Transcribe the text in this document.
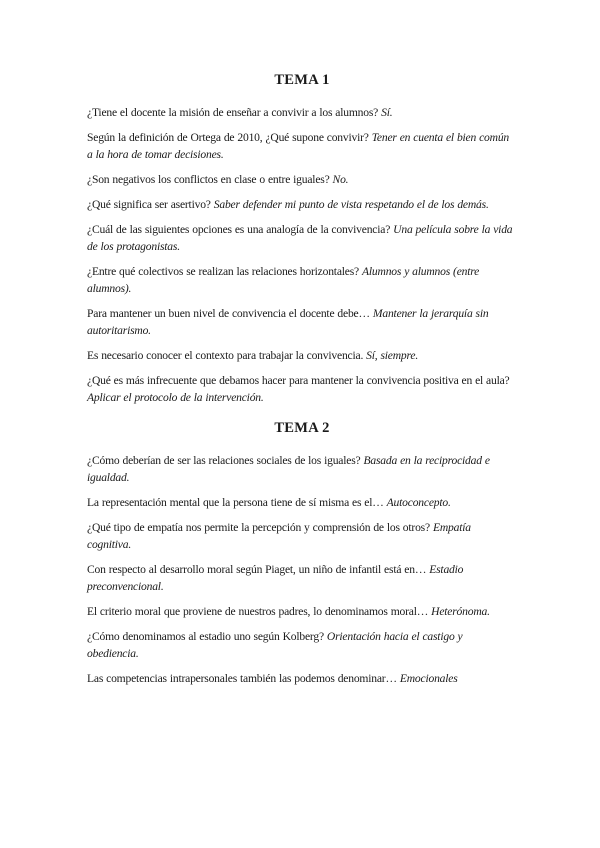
TEMA 1

¿Tiene el docente la misión de enseñar a convivir a los alumnos? Sí.

Según la definición de Ortega de 2010, ¿Qué supone convivir? Tener en cuenta el bien común a la hora de tomar decisiones.

¿Son negativos los conflictos en clase o entre iguales? No.

¿Qué significa ser asertivo? Saber defender mi punto de vista respetando el de los demás.

¿Cuál de las siguientes opciones es una analogía de la convivencia? Una película sobre la vida de los protagonistas.

¿Entre qué colectivos se realizan las relaciones horizontales? Alumnos y alumnos (entre alumnos).

Para mantener un buen nivel de convivencia el docente debe… Mantener la jerarquía sin autoritarismo.

Es necesario conocer el contexto para trabajar la convivencia. Sí, siempre.

¿Qué es más infrecuente que debamos hacer para mantener la convivencia positiva en el aula? Aplicar el protocolo de la intervención.

TEMA 2

¿Cómo deberían de ser las relaciones sociales de los iguales? Basada en la reciprocidad e igualdad.

La representación mental que la persona tiene de sí misma es el… Autoconcepto.

¿Qué tipo de empatía nos permite la percepción y comprensión de los otros? Empatía cognitiva.

Con respecto al desarrollo moral según Piaget, un niño de infantil está en… Estadio preconvencional.

El criterio moral que proviene de nuestros padres, lo denominamos moral… Heterónoma.

¿Cómo denominamos al estadio uno según Kolberg? Orientación hacia el castigo y obediencia.

Las competencias intrapersonales también las podemos denominar… Emocionales
